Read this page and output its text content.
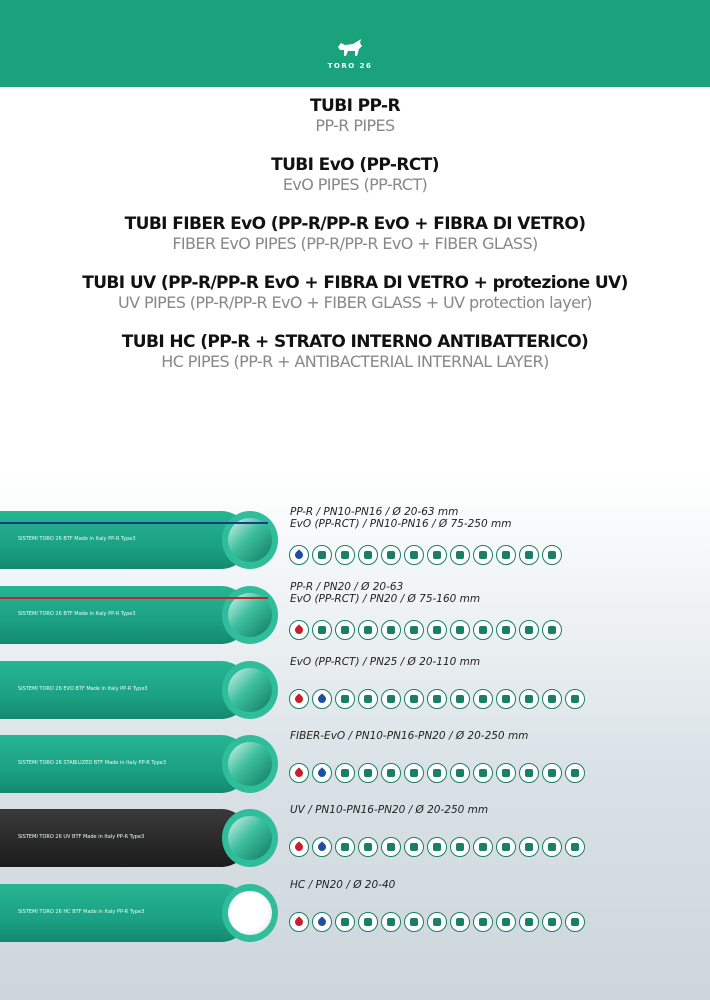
TORO 26
TUBI PP-R
PP-R PIPES
TUBI EvO (PP-RCT)
EvO PIPES (PP-RCT)
TUBI FIBER EvO (PP-R/PP-R EvO + FIBRA DI VETRO)
FIBER EvO PIPES (PP-R/PP-R EvO + FIBER GLASS)
TUBI UV (PP-R/PP-R EvO + FIBRA DI VETRO + protezione UV)
UV PIPES (PP-R/PP-R EvO + FIBER GLASS + UV protection layer)
TUBI HC (PP-R + STRATO INTERNO ANTIBATTERICO)
HC PIPES (PP-R + ANTIBACTERIAL INTERNAL LAYER)
SISTEMI TORO 26 BTF Made in Italy PP-R Type3
PP-R / PN10-PN16 / Ø 20-63 mm
EvO (PP-RCT) / PN10-PN16 / Ø 75-250 mm
SISTEMI TORO 26 BTF Made in Italy PP-R Type3
PP-R / PN20 / Ø 20-63
EvO (PP-RCT) / PN20 / Ø 75-160 mm
SISTEMI TORO 26 EVO BTF Made in Italy PP-R Type3
EvO (PP-RCT) / PN25 / Ø 20-110 mm
SISTEMI TORO 26 STABILIZED BTF Made in Italy PP-R Type3
FIBER-EvO / PN10-PN16-PN20 / Ø 20-250 mm
SISTEMI TORO 26 UV BTF Made in Italy PP-R Type3
UV / PN10-PN16-PN20 / Ø 20-250 mm
SISTEMI TORO 26 HC BTF Made in Italy PP-R Type3
HC / PN20 / Ø 20-40
